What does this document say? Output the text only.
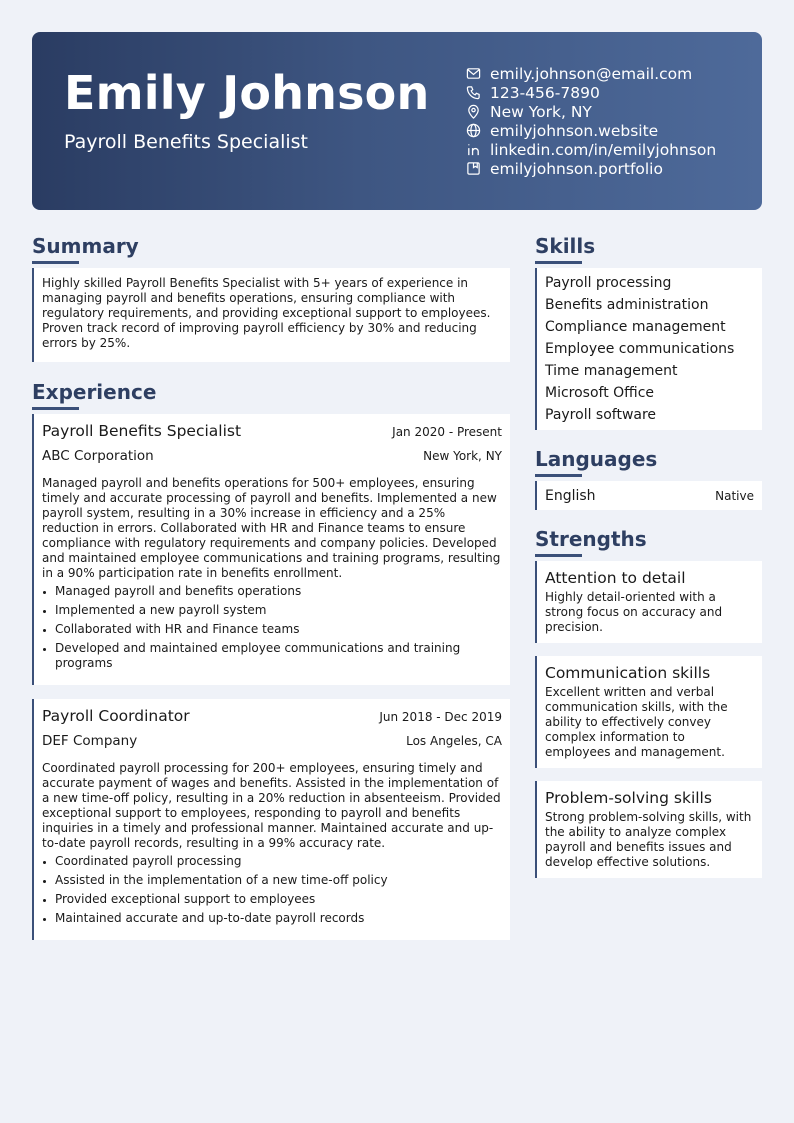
Emily Johnson
Payroll Benefits Specialist
emily.johnson@email.com
123-456-7890
New York, NY
emilyjohnson.website
linkedin.com/in/emilyjohnson
emilyjohnson.portfolio
Summary
Highly skilled Payroll Benefits Specialist with 5+ years of experience in managing payroll and benefits operations, ensuring compliance with regulatory requirements, and providing exceptional support to employees. Proven track record of improving payroll efficiency by 30% and reducing errors by 25%.
Experience
Payroll Benefits Specialist	Jan 2020 - Present
ABC Corporation	New York, NY
Managed payroll and benefits operations for 500+ employees, ensuring timely and accurate processing of payroll and benefits. Implemented a new payroll system, resulting in a 30% increase in efficiency and a 25% reduction in errors. Collaborated with HR and Finance teams to ensure compliance with regulatory requirements and company policies. Developed and maintained employee communications and training programs, resulting in a 90% participation rate in benefits enrollment.
• Managed payroll and benefits operations
• Implemented a new payroll system
• Collaborated with HR and Finance teams
• Developed and maintained employee communications and training programs
Payroll Coordinator	Jun 2018 - Dec 2019
DEF Company	Los Angeles, CA
Coordinated payroll processing for 200+ employees, ensuring timely and accurate payment of wages and benefits. Assisted in the implementation of a new time-off policy, resulting in a 20% reduction in absenteeism. Provided exceptional support to employees, responding to payroll and benefits inquiries in a timely and professional manner. Maintained accurate and up-to-date payroll records, resulting in a 99% accuracy rate.
• Coordinated payroll processing
• Assisted in the implementation of a new time-off policy
• Provided exceptional support to employees
• Maintained accurate and up-to-date payroll records
Skills
Payroll processing
Benefits administration
Compliance management
Employee communications
Time management
Microsoft Office
Payroll software
Languages
English	Native
Strengths
Attention to detail
Highly detail-oriented with a strong focus on accuracy and precision.
Communication skills
Excellent written and verbal communication skills, with the ability to effectively convey complex information to employees and management.
Problem-solving skills
Strong problem-solving skills, with the ability to analyze complex payroll and benefits issues and develop effective solutions.
